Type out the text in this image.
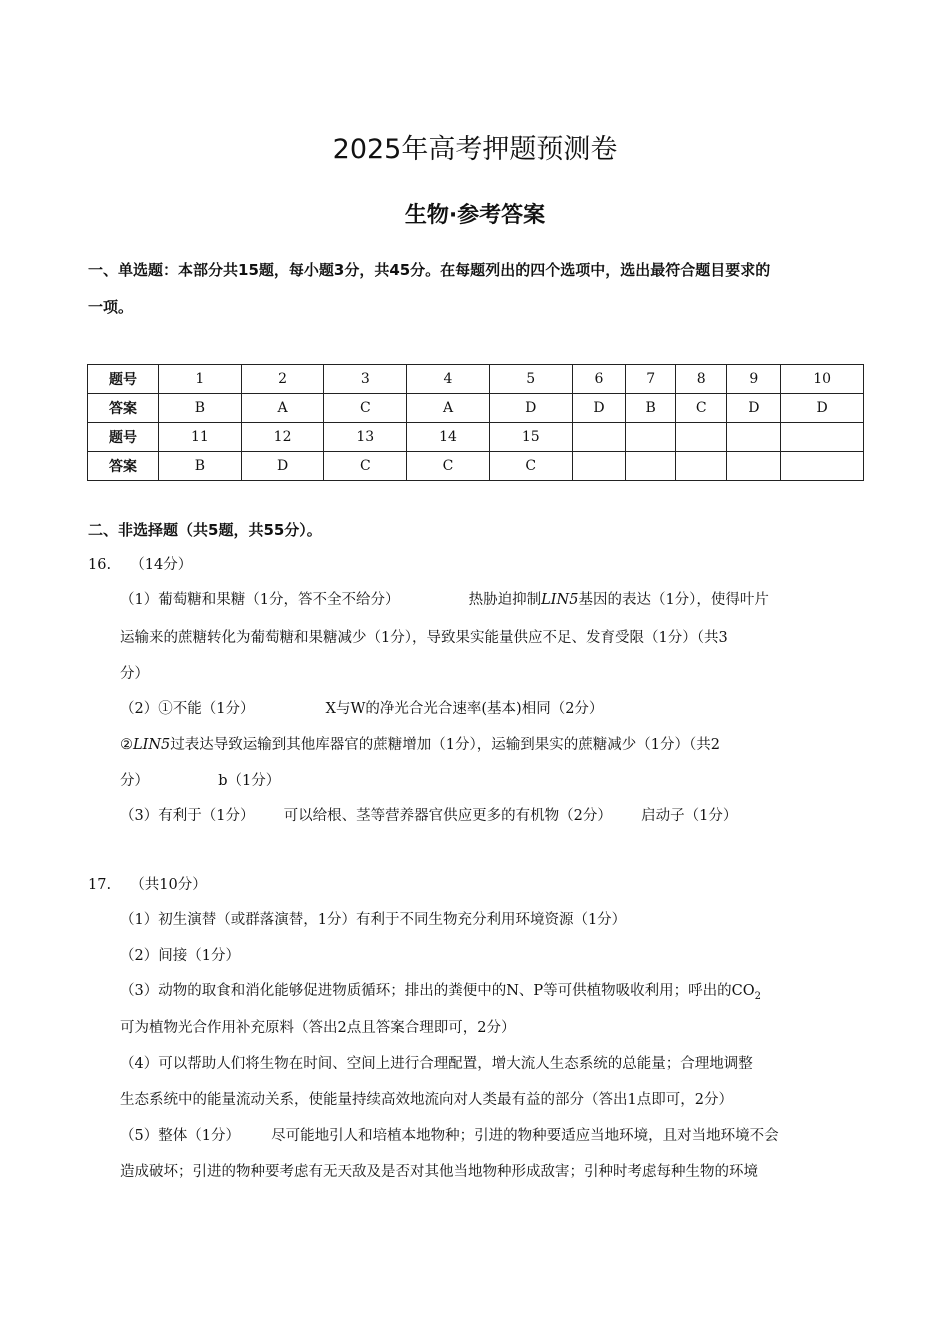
2025年高考押题预测卷
生物·参考答案
一、单选题：本部分共15题，每小题3分，共45分。在每题列出的四个选项中，选出最符合题目要求的
一项。
题号	1	2	3	4	5	6	7	8	9	10
答案	B	A	C	A	D	D	B	C	D	D
题号	11	12	13	14	15					
答案	B	D	C	C	C					
二、非选择题（共5题，共55分）。
16. （14分）
（1）葡萄糖和果糖（1分，答不全不给分）	热胁迫抑制LIN5基因的表达（1分），使得叶片
运输来的蔗糖转化为葡萄糖和果糖减少（1分），导致果实能量供应不足、发育受限（1分）（共3
分）
（2）①不能（1分）	X与W的净光合光合速率(基本)相同（2分）
②LIN5过表达导致运输到其他库器官的蔗糖增加（1分），运输到果实的蔗糖减少（1分）（共2
分）	b（1分）
（3）有利于（1分） 可以给根、茎等营养器官供应更多的有机物（2分） 启动子（1分）
17. （共10分）
（1）初生演替（或群落演替，1分）有利于不同生物充分利用环境资源（1分）
（2）间接（1分）
（3）动物的取食和消化能够促进物质循环；排出的粪便中的N、P等可供植物吸收利用；呼出的$CO_2$
可为植物光合作用补充原料（答出2点且答案合理即可，2分）
（4）可以帮助人们将生物在时间、空间上进行合理配置，增大流人生态系统的总能量；合理地调整
生态系统中的能量流动关系，使能量持续高效地流向对人类最有益的部分（答出1点即可，2分）
（5）整体（1分） 尽可能地引人和培植本地物种；引进的物种要适应当地环境，且对当地环境不会
造成破坏；引进的物种要考虑有无天敌及是否对其他当地物种形成敌害；引种时考虑每种生物的环境
